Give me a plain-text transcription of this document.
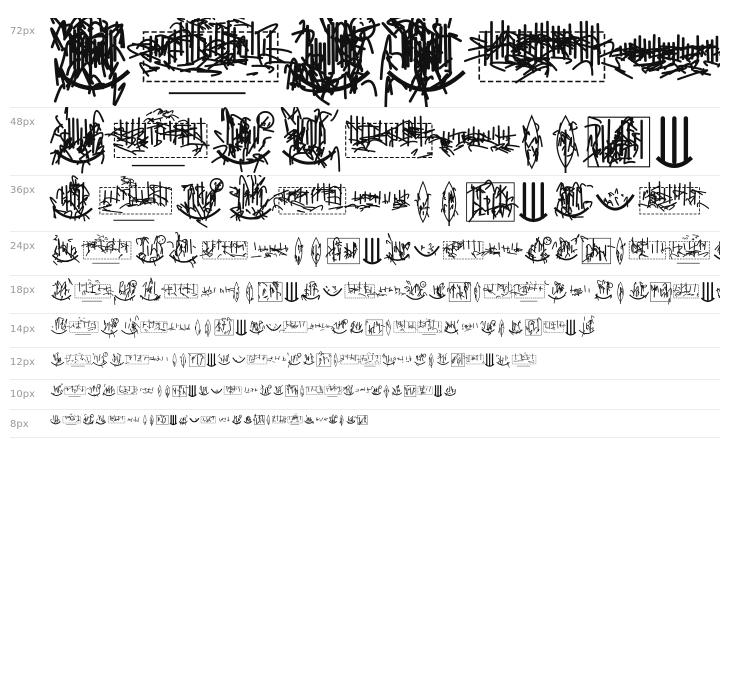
72px
48px
36px
24px
18px
14px
12px
10px
8px
